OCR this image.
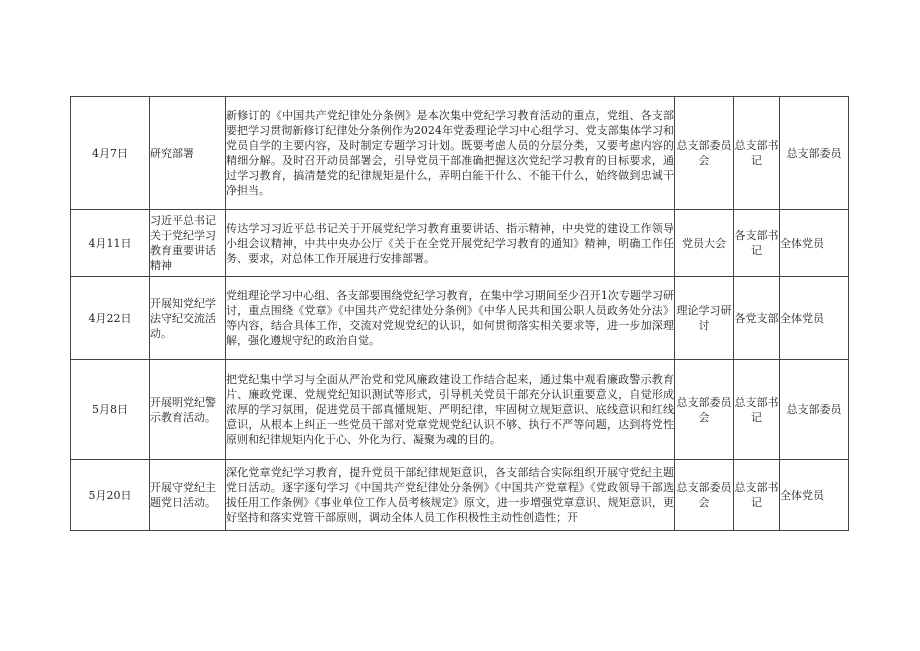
4月7日	研究部署	新修订的《中国共产党纪律处分条例》是本次集中党纪学习教育活动的重点，党组、各支部要把学习贯彻新修订纪律处分条例作为2024年党委理论学习中心组学习、党支部集体学习和党员自学的主要内容，及时制定专题学习计划。既要考虑人员的分层分类，又要考虑内容的精细分解。及时召开动员部署会，引导党员干部准确把握这次党纪学习教育的目标要求，通过学习教育，搞清楚党的纪律规矩是什么，弄明白能干什么、不能干什么，始终做到忠诚干净担当。	总支部委员会	总支部书记	总支部委员
4月11日	习近平总书记关于党纪学习教育重要讲话精神	传达学习习近平总书记关于开展党纪学习教育重要讲话、指示精神，中央党的建设工作领导小组会议精神，中共中央办公厅《关于在全党开展党纪学习教育的通知》精神，明确工作任务、要求，对总体工作开展进行安排部署。	党员大会	各支部书记	全体党员
4月22日	开展知党纪学法守纪交流活动。	党组理论学习中心组、各支部要围绕党纪学习教育，在集中学习期间至少召开1次专题学习研讨，重点围绕《党章》《中国共产党纪律处分条例》《中华人民共和国公职人员政务处分法》等内容，结合具体工作，交流对党规党纪的认识，如何贯彻落实相关要求等，进一步加深理解，强化遵规守纪的政治自觉。	理论学习研讨	各党支部	全体党员
5月8日	开展明党纪警示教育活动。	把党纪集中学习与全面从严治党和党风廉政建设工作结合起来，通过集中观看廉政警示教育片、廉政党课、党规党纪知识测试等形式，引导机关党员干部充分认识重要意义，自觉形成浓厚的学习氛围，促进党员干部真懂规矩、严明纪律，牢固树立规矩意识、底线意识和红线意识，从根本上纠正一些党员干部对党章党规党纪认识不够、执行不严等问题，达到将党性原则和纪律规矩内化于心、外化为行、凝聚为魂的目的。	总支部委员会	总支部书记	总支部委员
5月20日	开展守党纪主题党日活动。	深化党章党纪学习教育，提升党员干部纪律规矩意识，各支部结合实际组织开展守党纪主题党日活动。逐字逐句学习《中国共产党纪律处分条例》《中国共产党章程》《党政领导干部选拔任用工作条例》《事业单位工作人员考核规定》原文，进一步增强党章意识、规矩意识，更好坚持和落实党管干部原则，调动全体人员工作积极性主动性创造性；开	总支部委员会	总支部书记	全体党员
